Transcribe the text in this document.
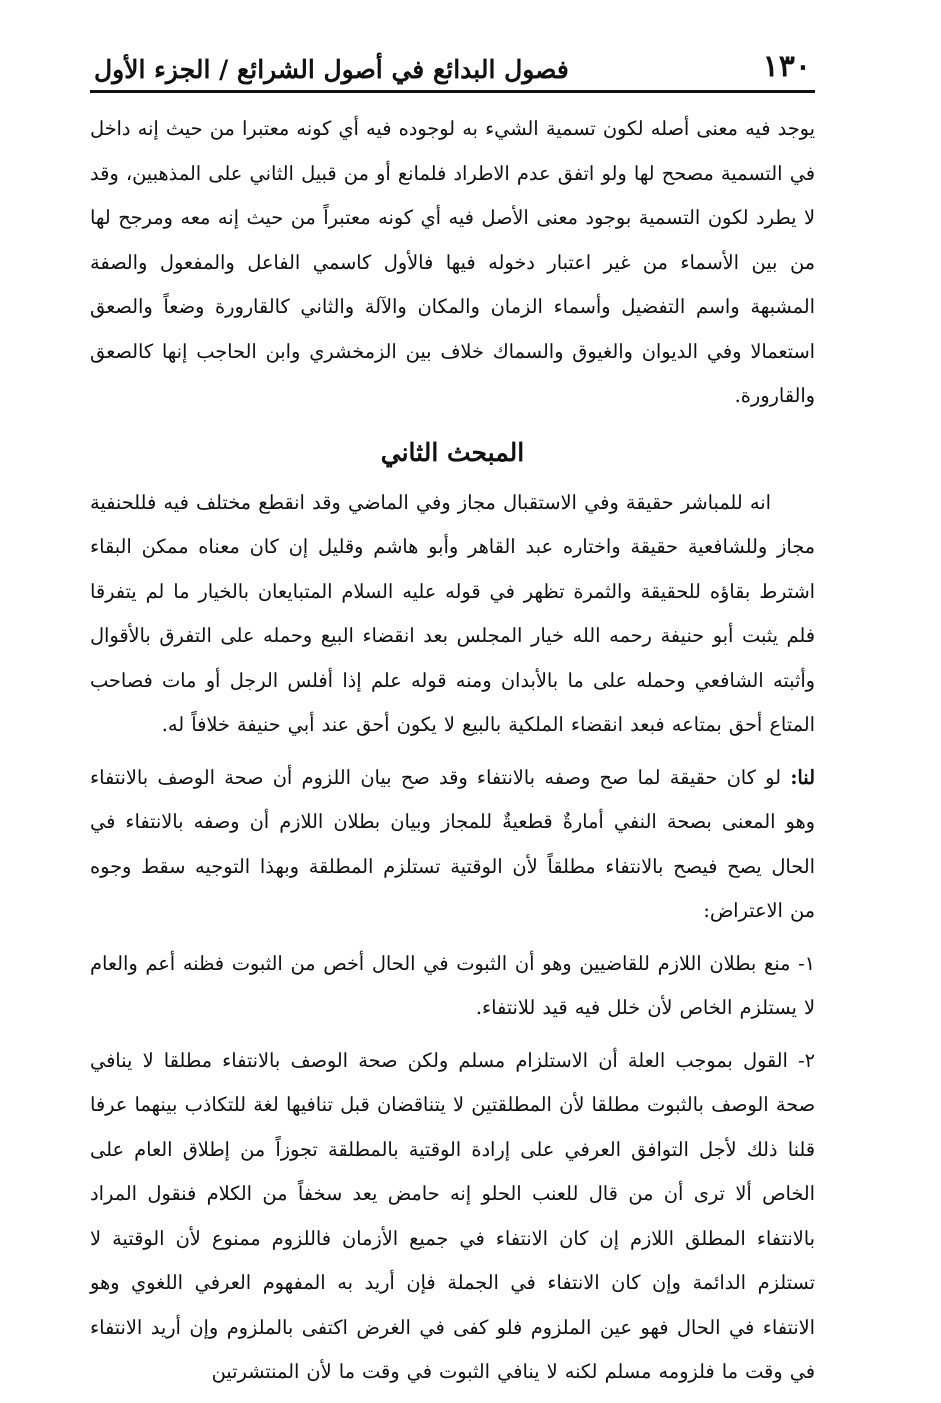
١٣٠
فصول البدائع في أصول الشرائع / الجزء الأول

يوجد فيه معنى أصله لكون تسمية الشيء به لوجوده فيه أي كونه معتبرا من حيث إنه داخل في التسمية مصحح لها ولو اتفق عدم الاطراد فلمانع أو من قبيل الثاني على المذهبين، وقد لا يطرد لكون التسمية بوجود معنى الأصل فيه أي كونه معتبراً من حيث إنه معه ومرجح لها من بين الأسماء من غير اعتبار دخوله فيها فالأول كاسمي الفاعل والمفعول والصفة المشبهة واسم التفضيل وأسماء الزمان والمكان والآلة والثاني كالقارورة وضعاً والصعق استعمالا وفي الديوان والغيوق والسماك خلاف بين الزمخشري وابن الحاجب إنها كالصعق والقارورة.

المبحث الثاني

انه للمباشر حقيقة وفي الاستقبال مجاز وفي الماضي وقد انقطع مختلف فيه فللحنفية مجاز وللشافعية حقيقة واختاره عبد القاهر وأبو هاشم وقليل إن كان معناه ممكن البقاء اشترط بقاؤه للحقيقة والثمرة تظهر في قوله عليه السلام المتبايعان بالخيار ما لم يتفرقا فلم يثبت أبو حنيفة رحمه الله خيار المجلس بعد انقضاء البيع وحمله على التفرق بالأقوال وأثبته الشافعي وحمله على ما بالأبدان ومنه قوله علم إذا أفلس الرجل أو مات فصاحب المتاع أحق بمتاعه فبعد انقضاء الملكية بالبيع لا يكون أحق عند أبي حنيفة خلافاً له.

لنا: لو كان حقيقة لما صح وصفه بالانتفاء وقد صح بيان اللزوم أن صحة الوصف بالانتفاء وهو المعنى بصحة النفي أمارةٌ قطعيةٌ للمجاز وبيان بطلان اللازم أن وصفه بالانتفاء في الحال يصح فيصح بالانتفاء مطلقاً لأن الوقتية تستلزم المطلقة وبهذا التوجيه سقط وجوه من الاعتراض:

١- منع بطلان اللازم للقاضيين وهو أن الثبوت في الحال أخص من الثبوت فظنه أعم والعام لا يستلزم الخاص لأن خلل فيه قيد للانتفاء.

٢- القول بموجب العلة أن الاستلزام مسلم ولكن صحة الوصف بالانتفاء مطلقا لا ينافي صحة الوصف بالثبوت مطلقا لأن المطلقتين لا يتناقضان قبل تنافيها لغة للتكاذب بينهما عرفا قلنا ذلك لأجل التوافق العرفي على إرادة الوقتية بالمطلقة تجوزاً من إطلاق العام على الخاص ألا ترى أن من قال للعنب الحلو إنه حامض يعد سخفاً من الكلام فنقول المراد بالانتفاء المطلق اللازم إن كان الانتفاء في جميع الأزمان فاللزوم ممنوع لأن الوقتية لا تستلزم الدائمة وإن كان الانتفاء في الجملة فإن أريد به المفهوم العرفي اللغوي وهو الانتفاء في الحال فهو عين الملزوم فلو كفى في الغرض اكتفى بالملزوم وإن أريد الانتفاء في وقت ما فلزومه مسلم لكنه لا ينافي الثبوت في وقت ما لأن المنتشرتين
